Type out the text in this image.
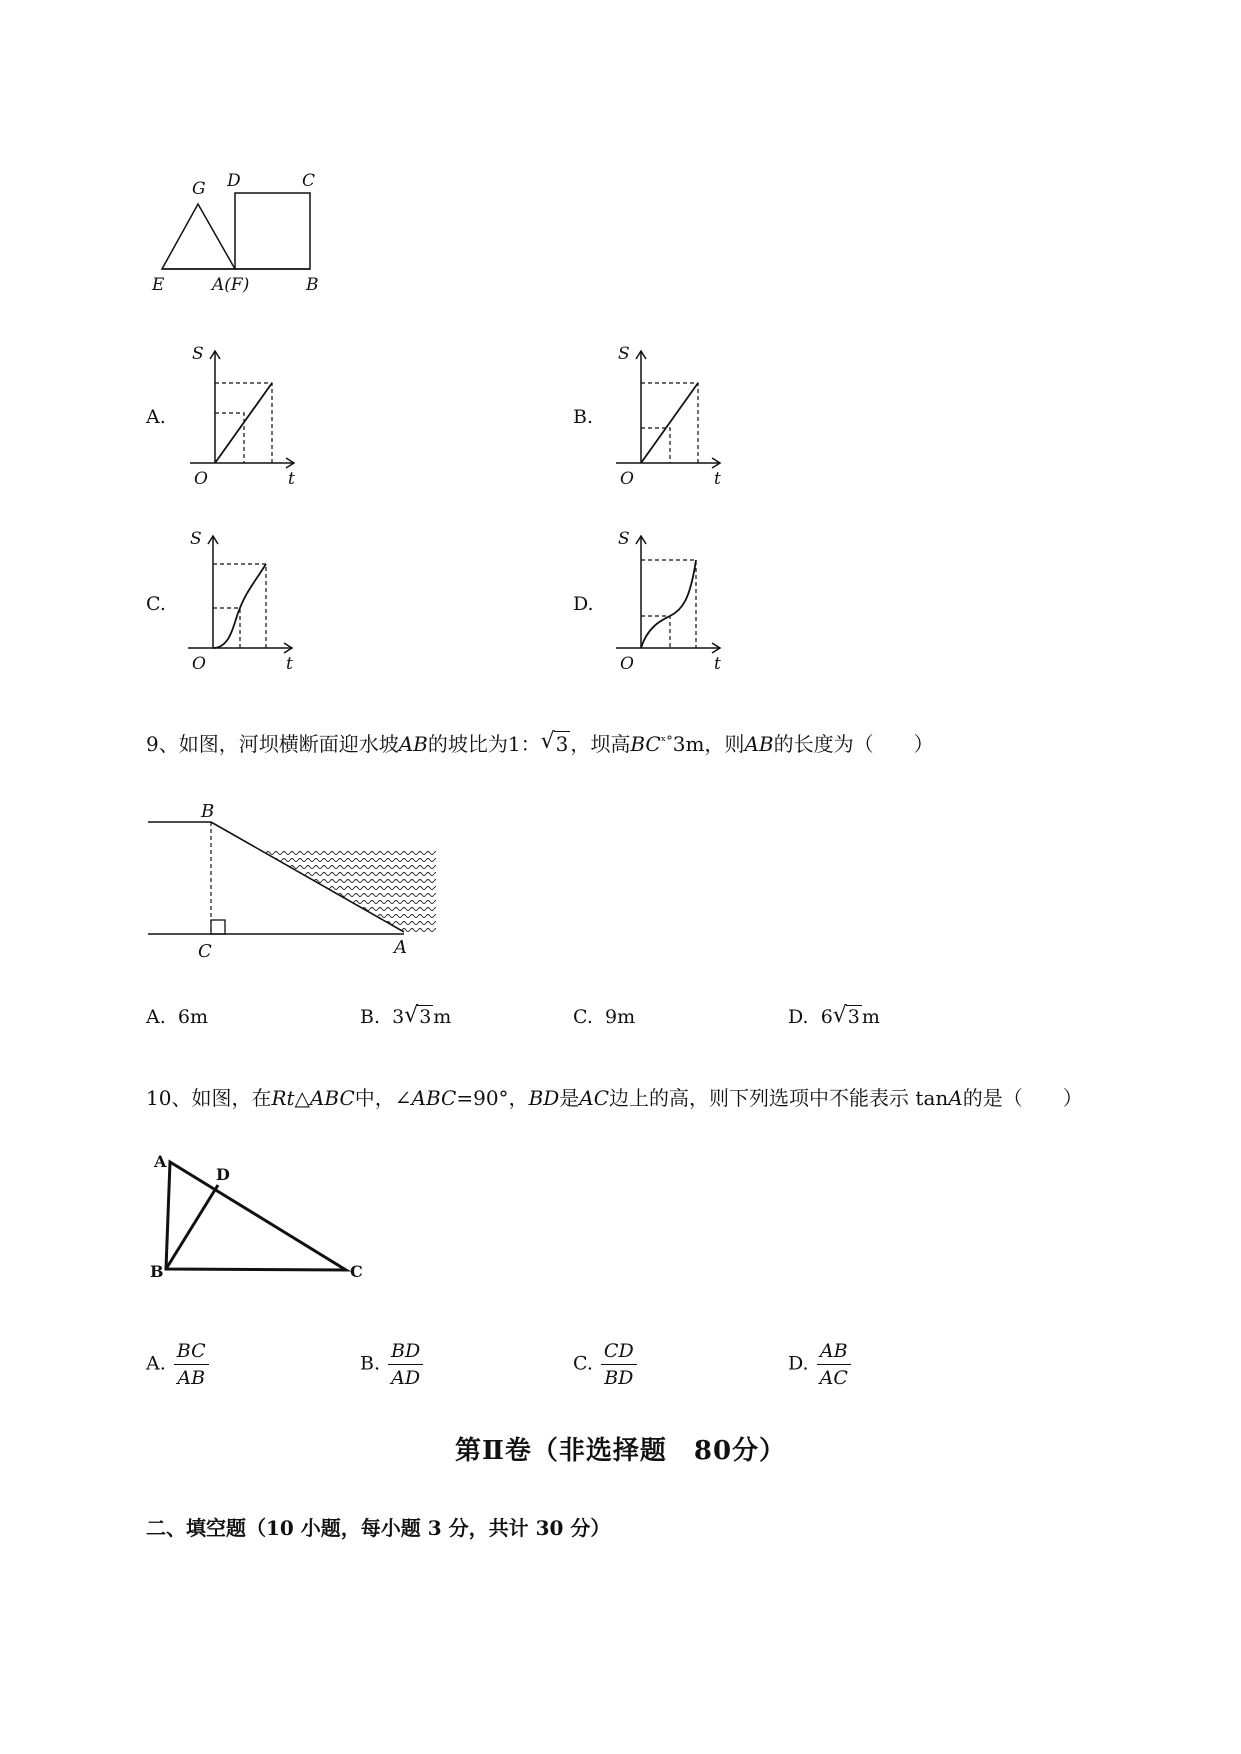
G D	C
E	A(F)	B
A.
S
O	t
B.
S
O	t
C.
S
O	t
D.
S
O	t
9、如图，河坝横断面迎水坡AB的坡比为1： √ 3 ，坝高$BC^{ˣ^\circ}3m$，则AB的长度为（　　）
B
C	A
A. 6m	B. 3 √ 3 m	C. 9m	D. 6 √ 3 m
10、如图，在Rt△ABC中，∠ABC=90°，BD是AC边上的高，则下列选项中不能表示 tanA的是（　　）
A
D
B	C
A. $\frac{BC}{AB}$	B. $\frac{BD}{AD}$	C. $\frac{CD}{BD}$	D. $\frac{AB}{AC}$
第Ⅱ卷（非选择题　80分）
二、填空题（10 小题，每小题 3 分，共计 30 分）
